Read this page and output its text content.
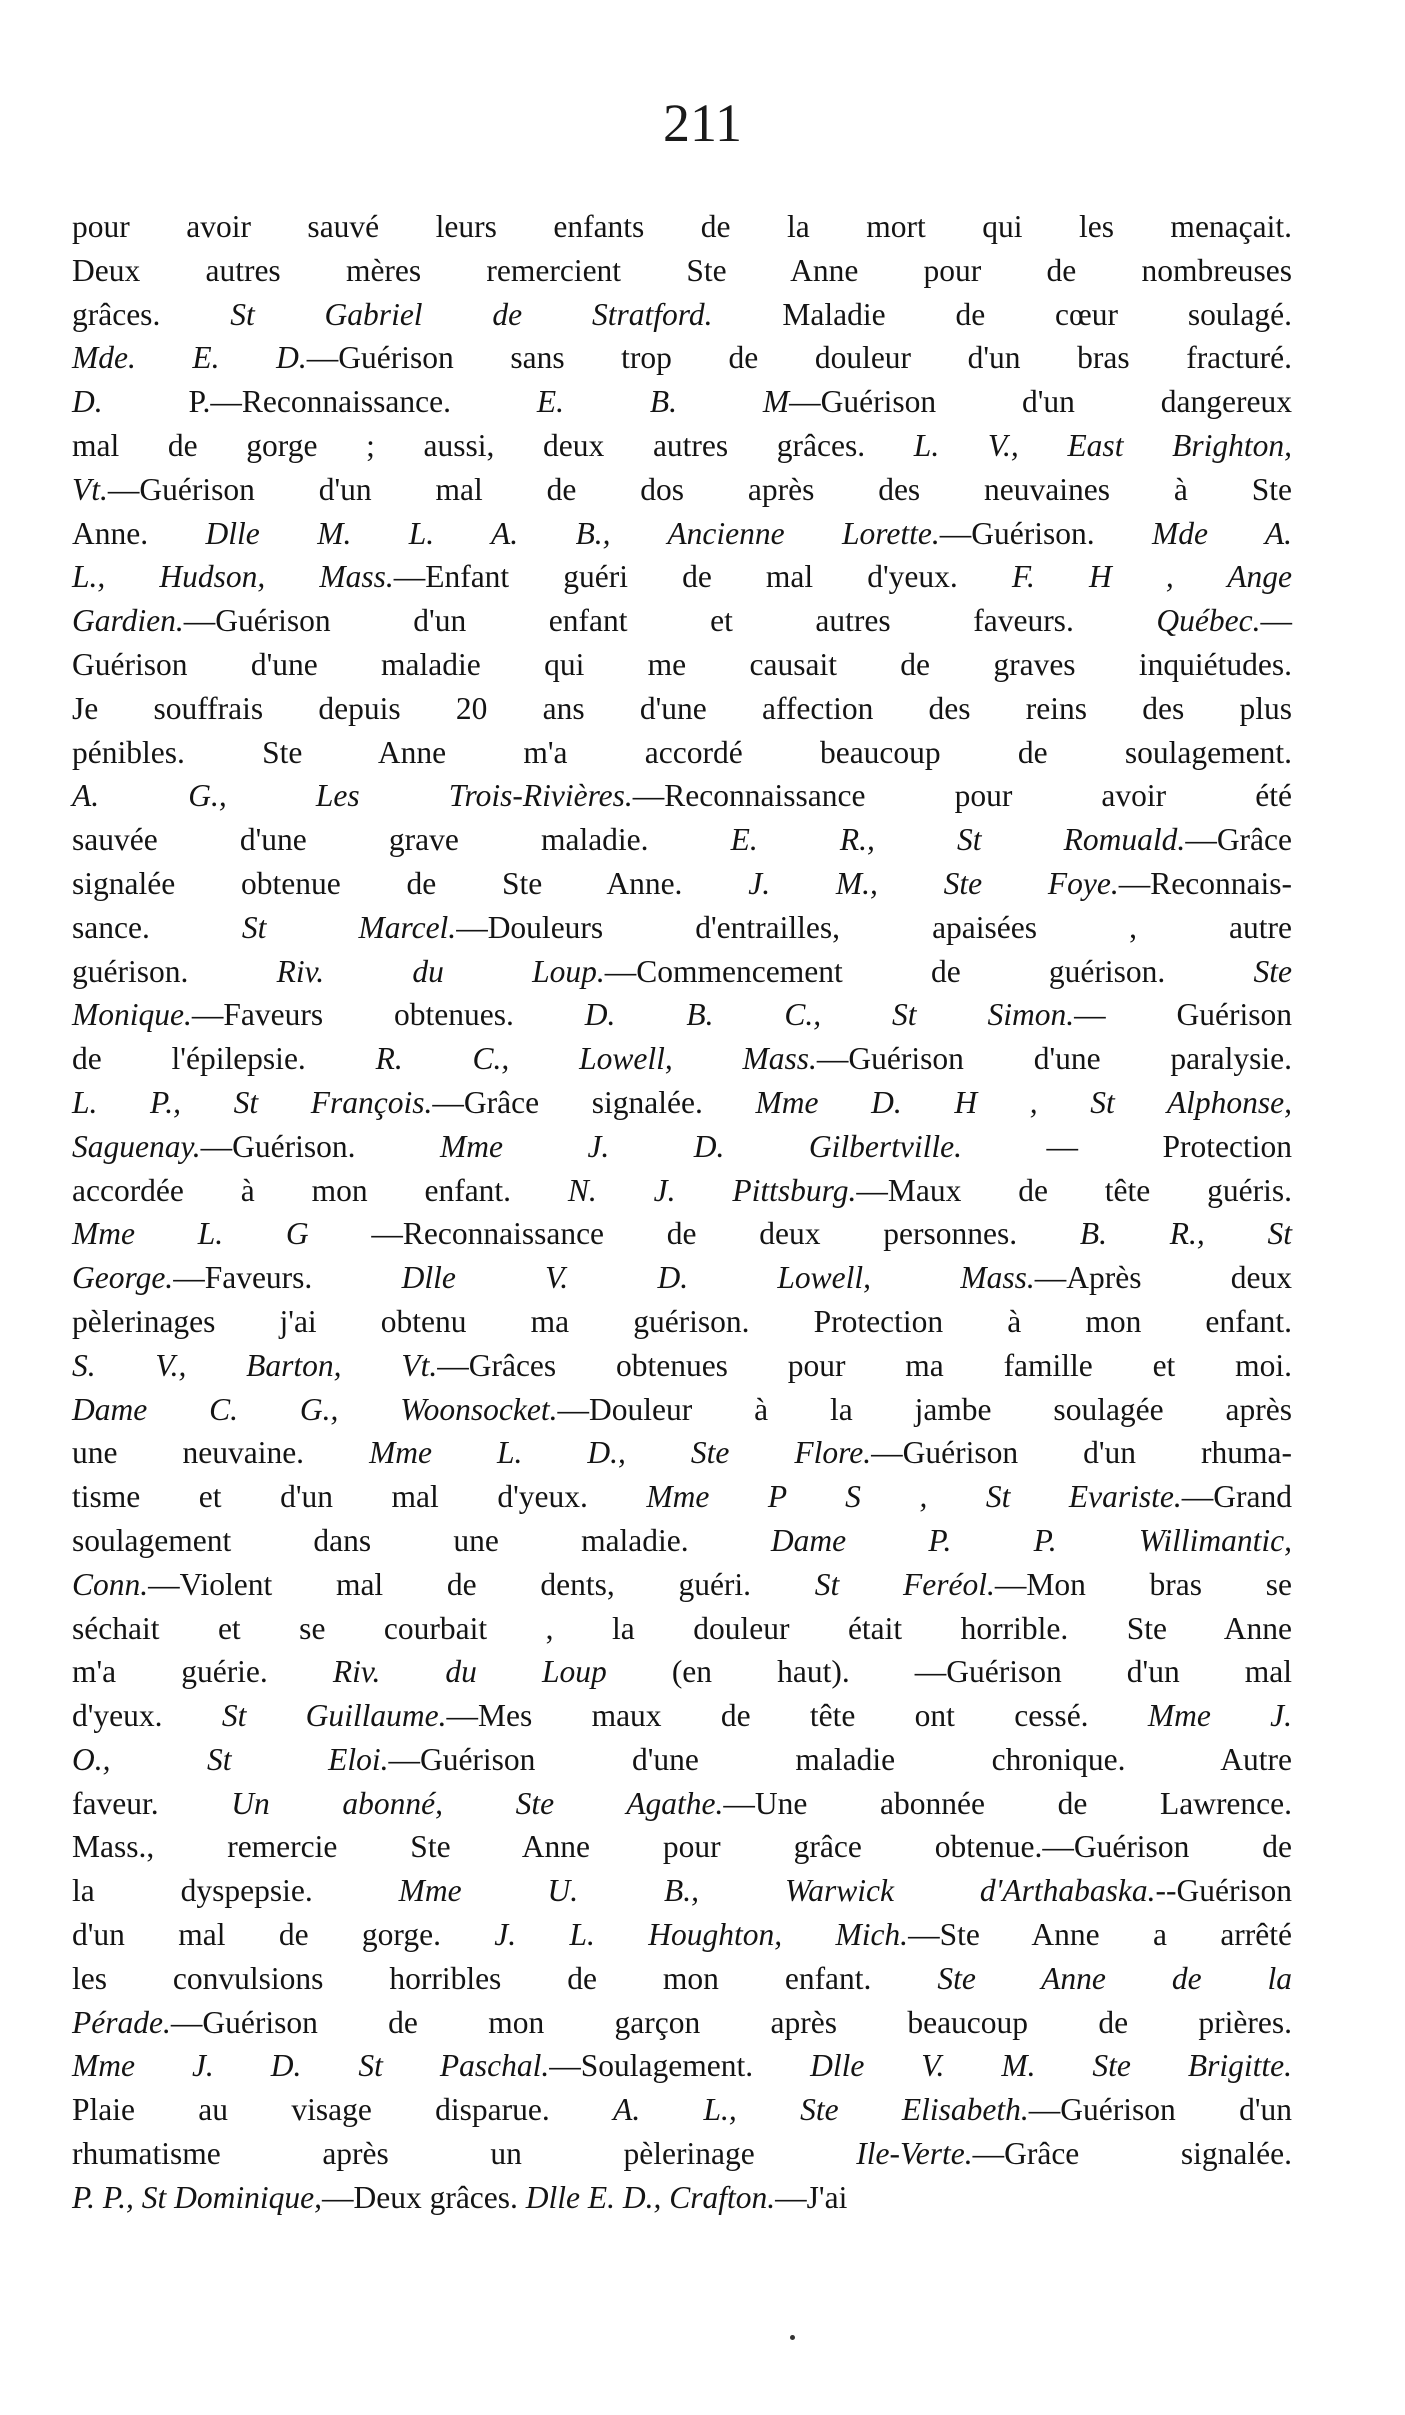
211
pour avoir sauvé leurs enfants de la mort qui les menaçait.
Deux autres mères remercient Ste Anne pour de nombreuses
grâces. St Gabriel de Stratford. Maladie de cœur soulagé.
Mde. E. D.—Guérison sans trop de douleur d'un bras fracturé.
D. P.—Reconnaissance. E. B. M—Guérison d'un dangereux
mal de gorge ; aussi, deux autres grâces. L. V., East Brighton,
Vt.—Guérison d'un mal de dos après des neuvaines à Ste
Anne. Dlle M. L. A. B., Ancienne Lorette.—Guérison. Mde A.
L., Hudson, Mass.—Enfant guéri de mal d'yeux. F. H , Ange
Gardien.—Guérison d'un enfant et autres faveurs. Québec.—
Guérison d'une maladie qui me causait de graves inquiétudes.
Je souffrais depuis 20 ans d'une affection des reins des plus
pénibles. Ste Anne m'a accordé beaucoup de soulagement.
A. G., Les Trois-Rivières.—Reconnaissance pour avoir été
sauvée d'une grave maladie. E. R., St Romuald.—Grâce
signalée obtenue de Ste Anne. J. M., Ste Foye.—Reconnais-
sance. St Marcel.—Douleurs d'entrailles, apaisées , autre
guérison. Riv. du Loup.—Commencement de guérison. Ste
Monique.—Faveurs obtenues. D. B. C., St Simon.— Guérison
de l'épilepsie. R. C., Lowell, Mass.—Guérison d'une paralysie.
L. P., St François.—Grâce signalée. Mme D. H , St Alphonse,
Saguenay.—Guérison. Mme J. D. Gilbertville. — Protection
accordée à mon enfant. N. J. Pittsburg.—Maux de tête guéris.
Mme L. G —Reconnaissance de deux personnes. B. R., St
George.—Faveurs. Dlle V. D. Lowell, Mass.—Après deux
pèlerinages j'ai obtenu ma guérison. Protection à mon enfant.
S. V., Barton, Vt.—Grâces obtenues pour ma famille et moi.
Dame C. G., Woonsocket.—Douleur à la jambe soulagée après
une neuvaine. Mme L. D., Ste Flore.—Guérison d'un rhuma-
tisme et d'un mal d'yeux. Mme P S , St Evariste.—Grand
soulagement dans une maladie. Dame P. P. Willimantic,
Conn.—Violent mal de dents, guéri. St Feréol.—Mon bras se
séchait et se courbait , la douleur était horrible. Ste Anne
m'a guérie. Riv. du Loup (en haut). —Guérison d'un mal
d'yeux. St Guillaume.—Mes maux de tête ont cessé. Mme J.
O., St Eloi.—Guérison d'une maladie chronique. Autre
faveur. Un abonné, Ste Agathe.—Une abonnée de Lawrence.
Mass., remercie Ste Anne pour grâce obtenue.—Guérison de
la dyspepsie. Mme U. B., Warwick d'Arthabaska.--Guérison
d'un mal de gorge. J. L. Houghton, Mich.—Ste Anne a arrêté
les convulsions horribles de mon enfant. Ste Anne de la
Pérade.—Guérison de mon garçon après beaucoup de prières.
Mme J. D. St Paschal.—Soulagement. Dlle V. M. Ste Brigitte.
Plaie au visage disparue. A. L., Ste Elisabeth.—Guérison d'un
rhumatisme après un pèlerinage Ile-Verte.—Grâce signalée.
P. P., St Dominique,—Deux grâces. Dlle E. D., Crafton.—J'ai
